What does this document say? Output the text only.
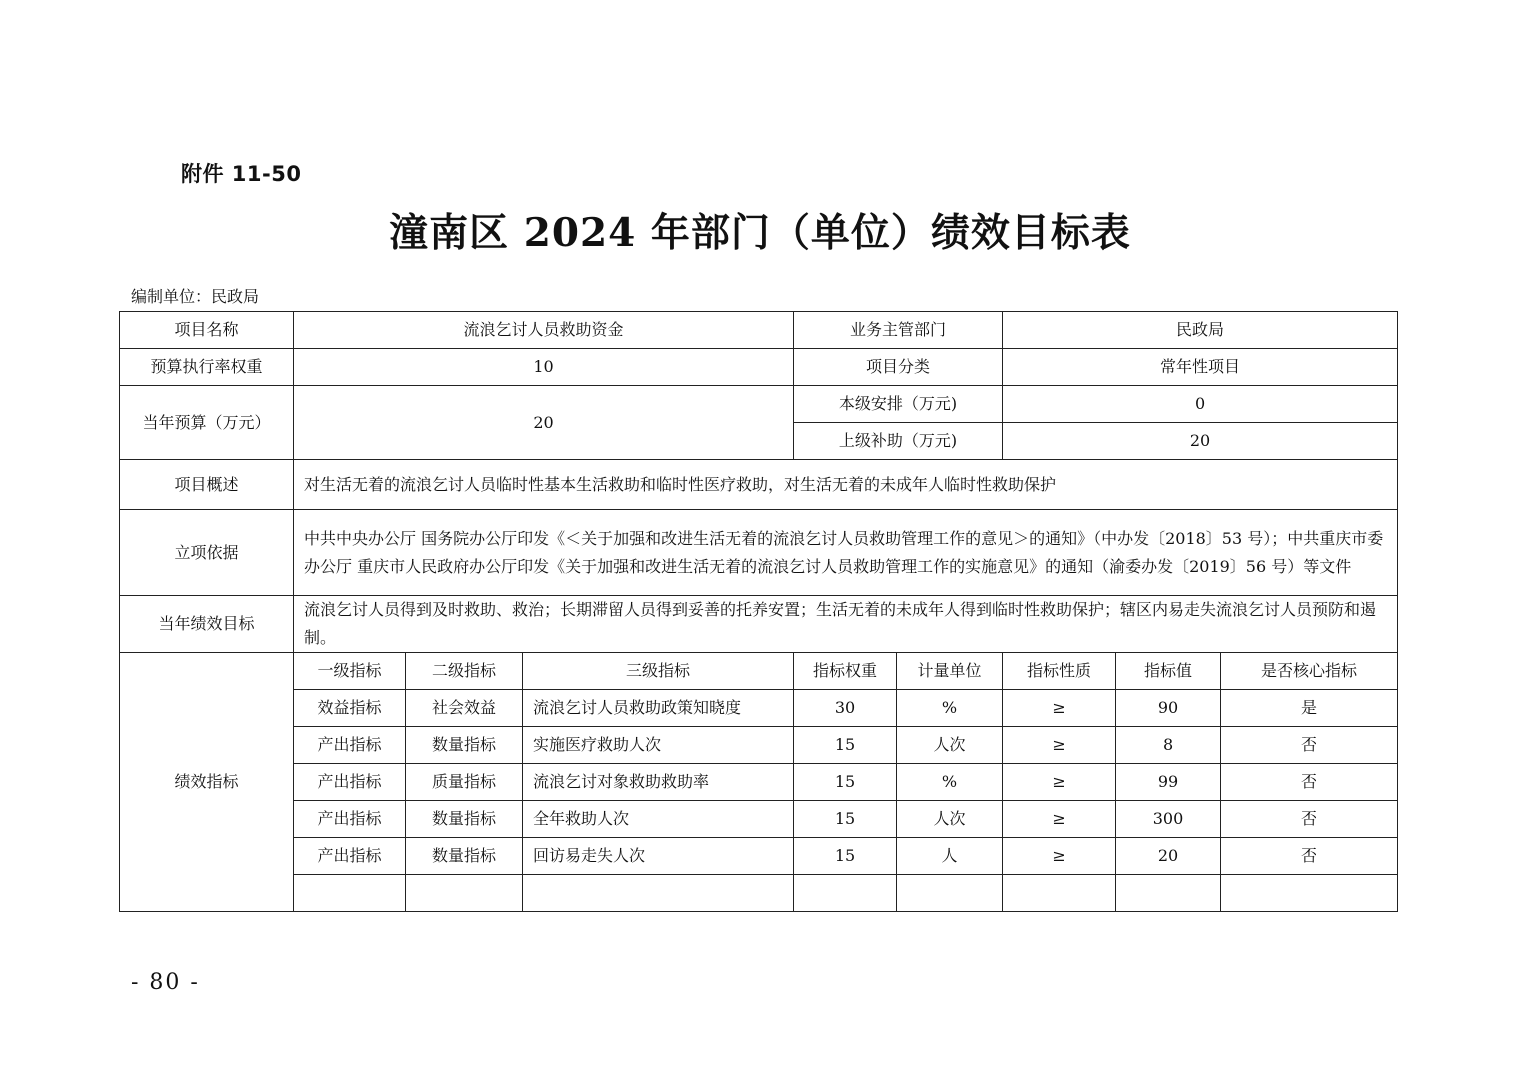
附件 11-50
潼南区 2024 年部门（单位）绩效目标表
编制单位：民政局
项目名称	流浪乞讨人员救助资金			业务主管部门		民政局		
预算执行率权重	10			项目分类		常年性项目		
当年预算（万元）	20			本级安排（万元)		0		
				上级补助（万元)		20		
项目概述	对生活无着的流浪乞讨人员临时性基本生活救助和临时性医疗救助，对生活无着的未成年人临时性救助保护							
立项依据	中共中央办公厅 国务院办公厅印发《＜关于加强和改进生活无着的流浪乞讨人员救助管理工作的意见＞的通知》（中办发〔2018〕53 号）；中共重庆市委办公厅 重庆市人民政府办公厅印发《关于加强和改进生活无着的流浪乞讨人员救助管理工作的实施意见》的通知（渝委办发〔2019〕56 号）等文件							
当年绩效目标	流浪乞讨人员得到及时救助、救治；长期滞留人员得到妥善的托养安置；生活无着的未成年人得到临时性救助保护；辖区内易走失流浪乞讨人员预防和遏制。							
绩效指标	一级指标	二级指标	三级指标	指标权重	计量单位	指标性质	指标值	是否核心指标
	效益指标	社会效益	流浪乞讨人员救助政策知晓度	30	%	≥	90	是
	产出指标	数量指标	实施医疗救助人次	15	人次	≥	8	否
	产出指标	质量指标	流浪乞讨对象救助救助率	15	%	≥	99	否
	产出指标	数量指标	全年救助人次	15	人次	≥	300	否
	产出指标	数量指标	回访易走失人次	15	人	≥	20	否

- 80 -
